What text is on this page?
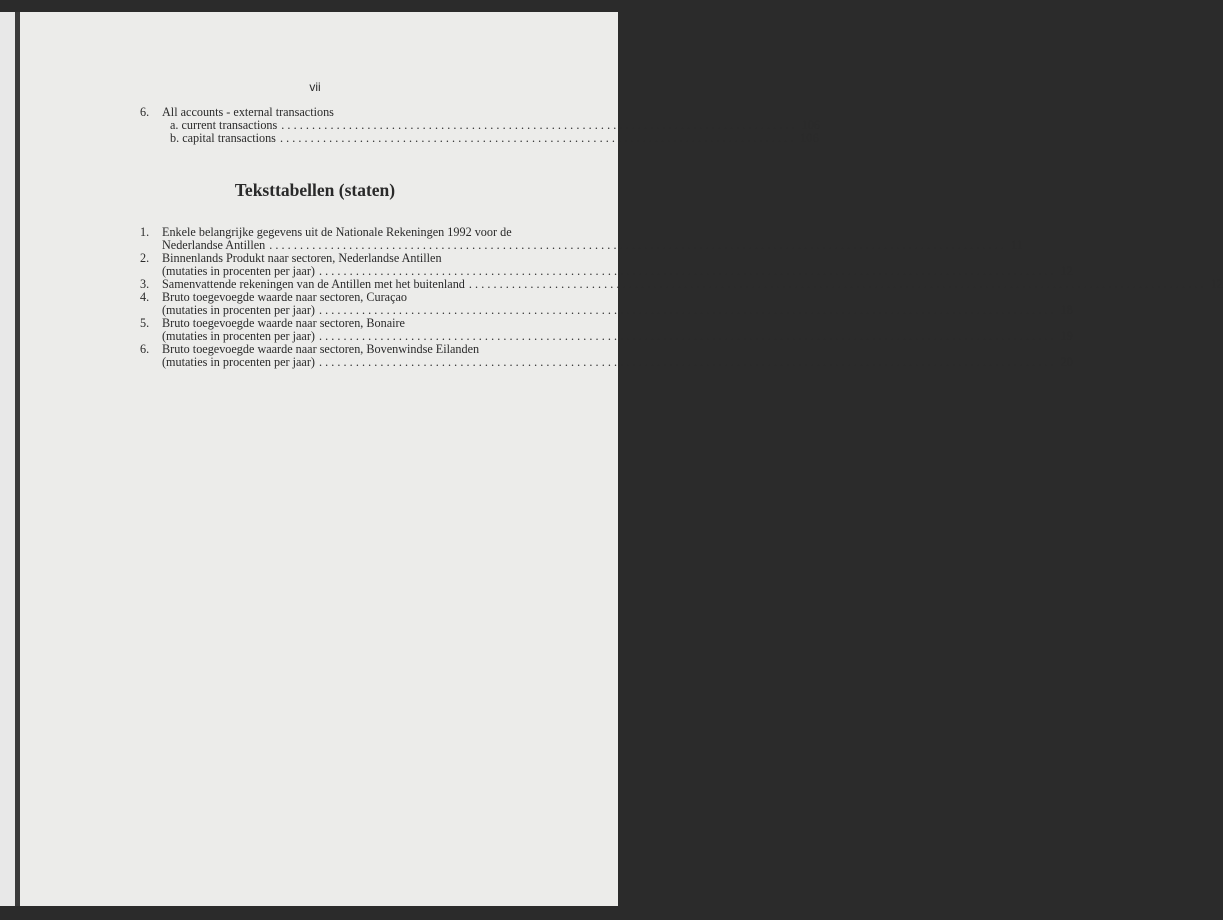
vii
6. All accounts - external transactions
a. current transactions .................................................................................... 106
b. capital transactions .................................................................................... 106
Teksttabellen (staten)
1. Enkele belangrijke gegevens uit de Nationale Rekeningen 1992 voor de
Nederlandse Antillen ........................................................................................................................ 11
2. Binnenlands Produkt naar sectoren, Nederlandse Antillen
(mutaties in procenten per jaar) ........................................................................................................................ 12
Samenvattende rekeningen van de Antillen met het buitenland ........................................................................................................................ 12
3.
4. Bruto toegevoegde waarde naar sectoren, Curaçao
(mutaties in procenten per jaar) ........................................................................................................................ 18
5. Bruto toegevoegde waarde naar sectoren, Bonaire
(mutaties in procenten per jaar) ........................................................................................................................ 19
6. Bruto toegevoegde waarde naar sectoren, Bovenwindse Eilanden
(mutaties in procenten per jaar) ........................................................................................................................ 20
